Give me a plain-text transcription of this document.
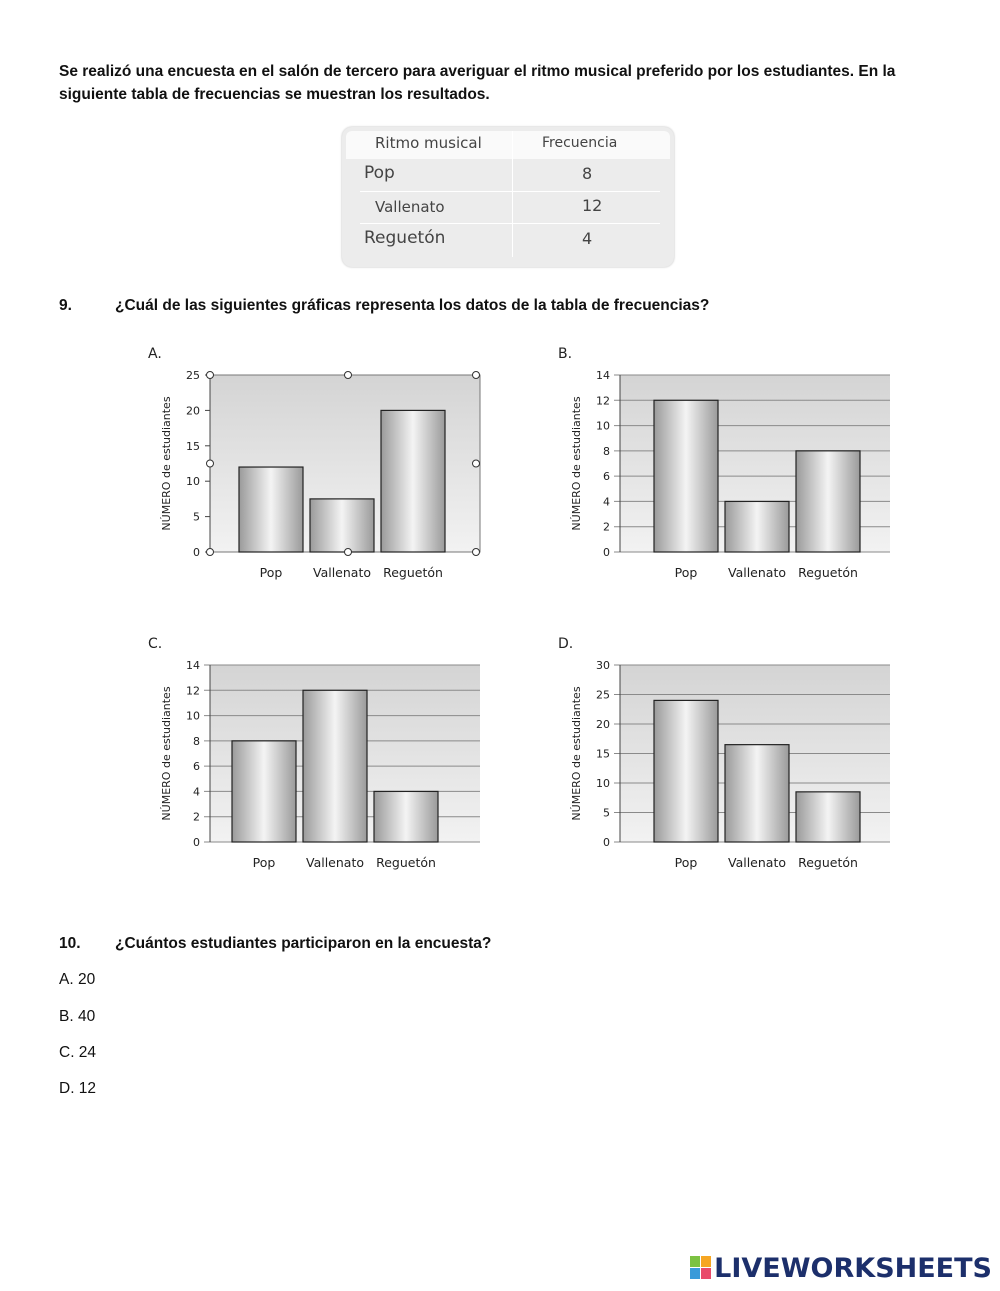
Se realizó una encuesta en el salón de tercero para averiguar el ritmo musical preferido por los estudiantes. En la siguiente tabla de frecuencias se muestran los resultados.
Ritmo musical	Frecuencia
Pop	8
Vallenato	12
Reguetón	4
9.	¿Cuál de las siguientes gráficas representa los datos de la tabla de frecuencias?
A.
0
5
10
15
20
25
Pop Vallenato Reguetón
NÚMERO de estudiantes
B.
0
2
4
6
8
10
12
14
Pop Vallenato Reguetón
NÚMERO de estudiantes
C.
0
2
4
6
8
10
12
14
Pop Vallenato Reguetón
NÚMERO de estudiantes
D.
0
5
10
15
20
25
30
Pop Vallenato Reguetón
NÚMERO de estudiantes
10. ¿Cuántos estudiantes participaron en la encuesta?
A. 20
B. 40
C. 24
D. 12
LIVEWORKSHEETS
